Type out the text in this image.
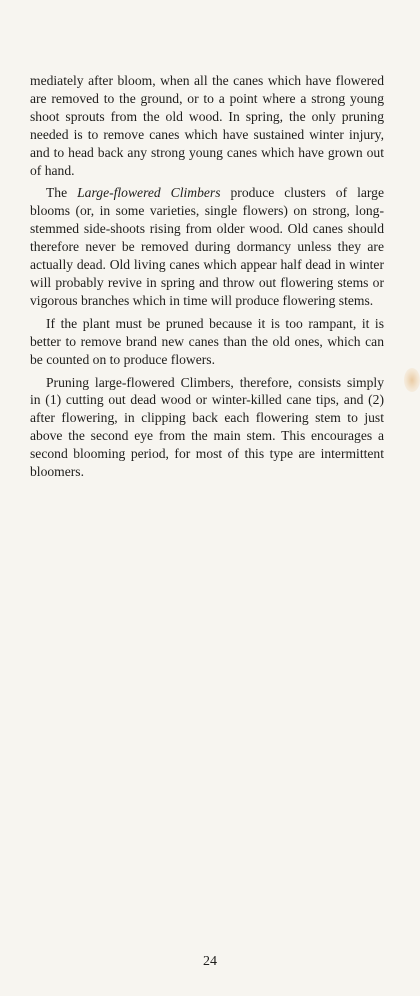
mediately after bloom, when all the canes which have flowered are removed to the ground, or to a point where a strong young shoot sprouts from the old wood. In spring, the only pruning needed is to remove canes which have sustained winter injury, and to head back any strong young canes which have grown out of hand.

The Large-flowered Climbers produce clusters of large blooms (or, in some varieties, single flowers) on strong, long-stemmed side-shoots rising from older wood. Old canes should therefore never be removed during dormancy unless they are actually dead. Old living canes which appear half dead in winter will probably revive in spring and throw out flowering stems or vigorous branches which in time will produce flowering stems.

If the plant must be pruned because it is too rampant, it is better to remove brand new canes than the old ones, which can be counted on to produce flowers.

Pruning large-flowered Climbers, therefore, consists simply in (1) cutting out dead wood or winter-killed cane tips, and (2) after flowering, in clipping back each flowering stem to just above the second eye from the main stem. This encourages a second blooming period, for most of this type are intermittent bloomers.

24
